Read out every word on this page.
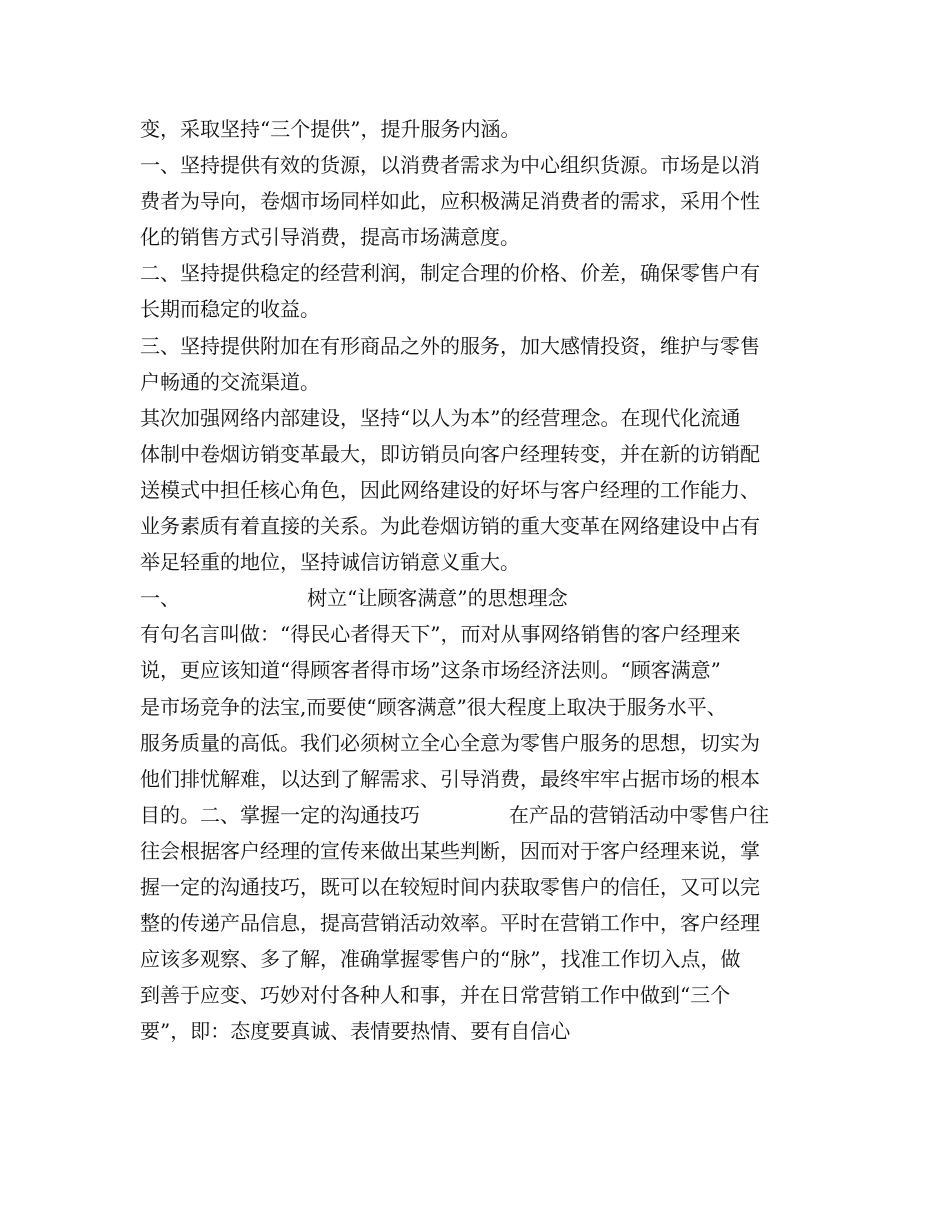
变，采取坚持“三个提供”，提升服务内涵。
一、坚持提供有效的货源，以消费者需求为中心组织货源。市场是以消
费者为导向，卷烟市场同样如此，应积极满足消费者的需求，采用个性
化的销售方式引导消费，提高市场满意度。
二、坚持提供稳定的经营利润，制定合理的价格、价差，确保零售户有
长期而稳定的收益。
三、坚持提供附加在有形商品之外的服务，加大感情投资，维护与零售
户畅通的交流渠道。
其次加强网络内部建设，坚持“以人为本”的经营理念。在现代化流通
体制中卷烟访销变革最大，即访销员向客户经理转变，并在新的访销配
送模式中担任核心角色，因此网络建设的好坏与客户经理的工作能力、
业务素质有着直接的关系。为此卷烟访销的重大变革在网络建设中占有
举足轻重的地位，坚持诚信访销意义重大。
一、                    树立“让顾客满意”的思想理念
有句名言叫做：“得民心者得天下”，而对从事网络销售的客户经理来
说，更应该知道“得顾客者得市场”这条市场经济法则。“顾客满意”
是市场竞争的法宝,而要使“顾客满意”很大程度上取决于服务水平、
服务质量的高低。我们必须树立全心全意为零售户服务的思想，切实为
他们排忧解难，以达到了解需求、引导消费，最终牢牢占据市场的根本
目的。二、掌握一定的沟通技巧              在产品的营销活动中零售户往
往会根据客户经理的宣传来做出某些判断，因而对于客户经理来说，掌
握一定的沟通技巧，既可以在较短时间内获取零售户的信任，又可以完
整的传递产品信息，提高营销活动效率。平时在营销工作中，客户经理
应该多观察、多了解，准确掌握零售户的“脉”，找准工作切入点，做
到善于应变、巧妙对付各种人和事，并在日常营销工作中做到“三个
要”，即：态度要真诚、表情要热情、要有自信心
